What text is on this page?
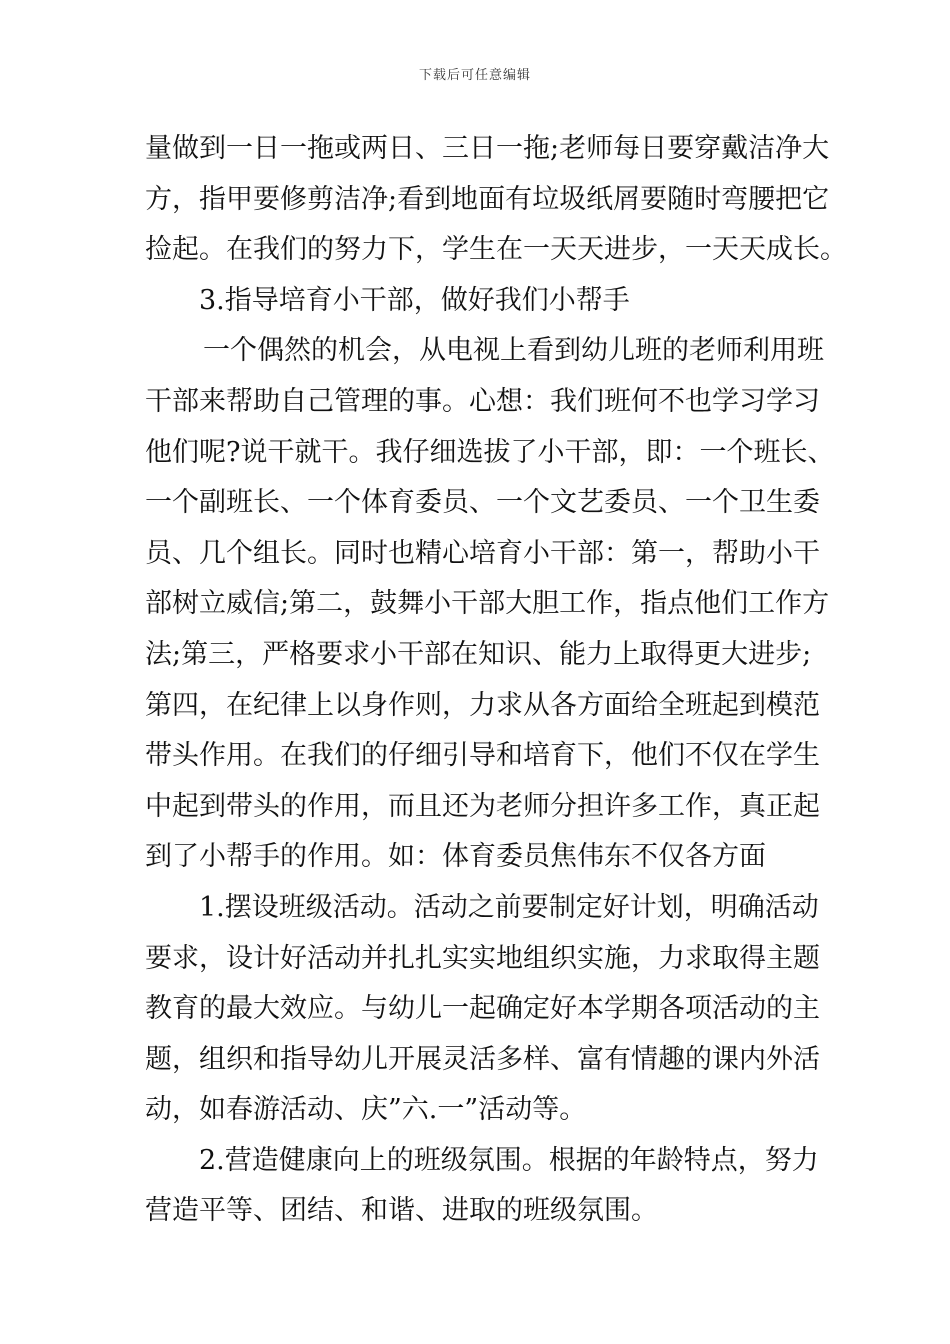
下载后可任意编辑

量做到一日一拖或两日、三日一拖;老师每日要穿戴洁净大
方，指甲要修剪洁净;看到地面有垃圾纸屑要随时弯腰把它
捡起。在我们的努力下，学生在一天天进步，一天天成长。

3.指导培育小干部，做好我们小帮手

一个偶然的机会，从电视上看到幼儿班的老师利用班
干部来帮助自己管理的事。心想：我们班何不也学习学习
他们呢?说干就干。我仔细选拔了小干部，即：一个班长、
一个副班长、一个体育委员、一个文艺委员、一个卫生委
员、几个组长。同时也精心培育小干部：第一，帮助小干
部树立威信;第二，鼓舞小干部大胆工作，指点他们工作方
法;第三，严格要求小干部在知识、能力上取得更大进步;
第四，在纪律上以身作则，力求从各方面给全班起到模范
带头作用。在我们的仔细引导和培育下，他们不仅在学生
中起到带头的作用，而且还为老师分担许多工作，真正起
到了小帮手的作用。如：体育委员焦伟东不仅各方面

1.摆设班级活动。活动之前要制定好计划，明确活动
要求，设计好活动并扎扎实实地组织实施，力求取得主题
教育的最大效应。与幼儿一起确定好本学期各项活动的主
题，组织和指导幼儿开展灵活多样、富有情趣的课内外活
动，如春游活动、庆”六.一”活动等。

2.营造健康向上的班级氛围。根据的年龄特点，努力
营造平等、团结、和谐、进取的班级氛围。
